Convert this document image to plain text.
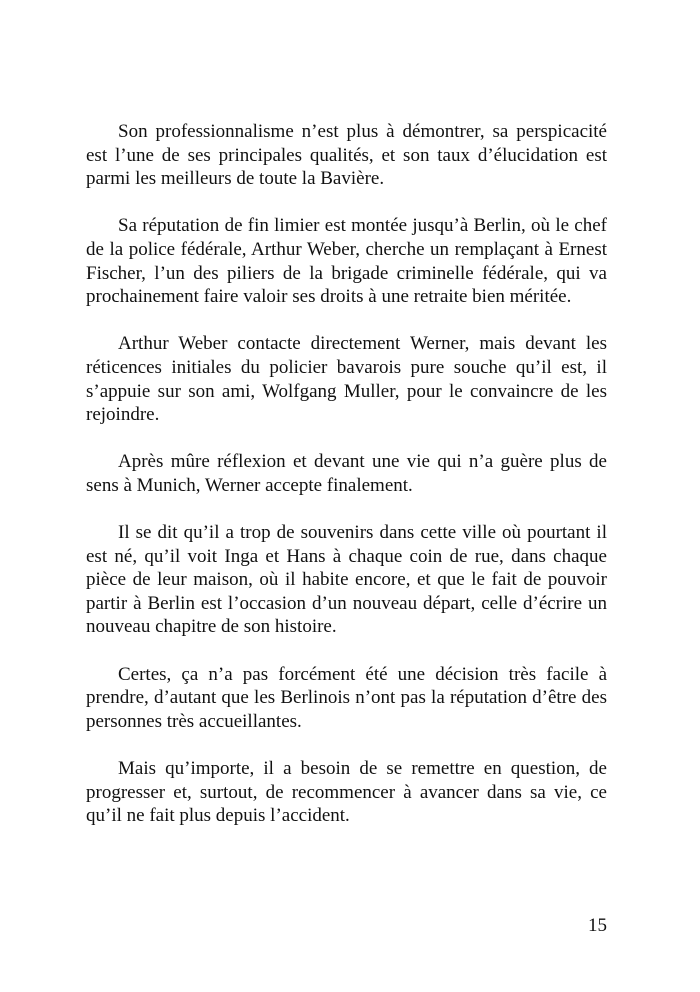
Son professionnalisme n’est plus à démontrer, sa perspicacité est l’une de ses principales qualités, et son taux d’élucidation est parmi les meilleurs de toute la Bavière.

Sa réputation de fin limier est montée jusqu’à Berlin, où le chef de la police fédérale, Arthur Weber, cherche un remplaçant à Ernest Fischer, l’un des piliers de la brigade criminelle fédérale, qui va prochainement faire valoir ses droits à une retraite bien méritée.

Arthur Weber contacte directement Werner, mais devant les réticences initiales du policier bavarois pure souche qu’il est, il s’appuie sur son ami, Wolfgang Muller, pour le convaincre de les rejoindre.

Après mûre réflexion et devant une vie qui n’a guère plus de sens à Munich, Werner accepte finalement.

Il se dit qu’il a trop de souvenirs dans cette ville où pourtant il est né, qu’il voit Inga et Hans à chaque coin de rue, dans chaque pièce de leur maison, où il habite encore, et que le fait de pouvoir partir à Berlin est l’occasion d’un nouveau départ, celle d’écrire un nouveau chapitre de son histoire.

Certes, ça n’a pas forcément été une décision très facile à prendre, d’autant que les Berlinois n’ont pas la réputation d’être des personnes très accueillantes.

Mais qu’importe, il a besoin de se remettre en question, de progresser et, surtout, de recommencer à avancer dans sa vie, ce qu’il ne fait plus depuis l’accident.

15
